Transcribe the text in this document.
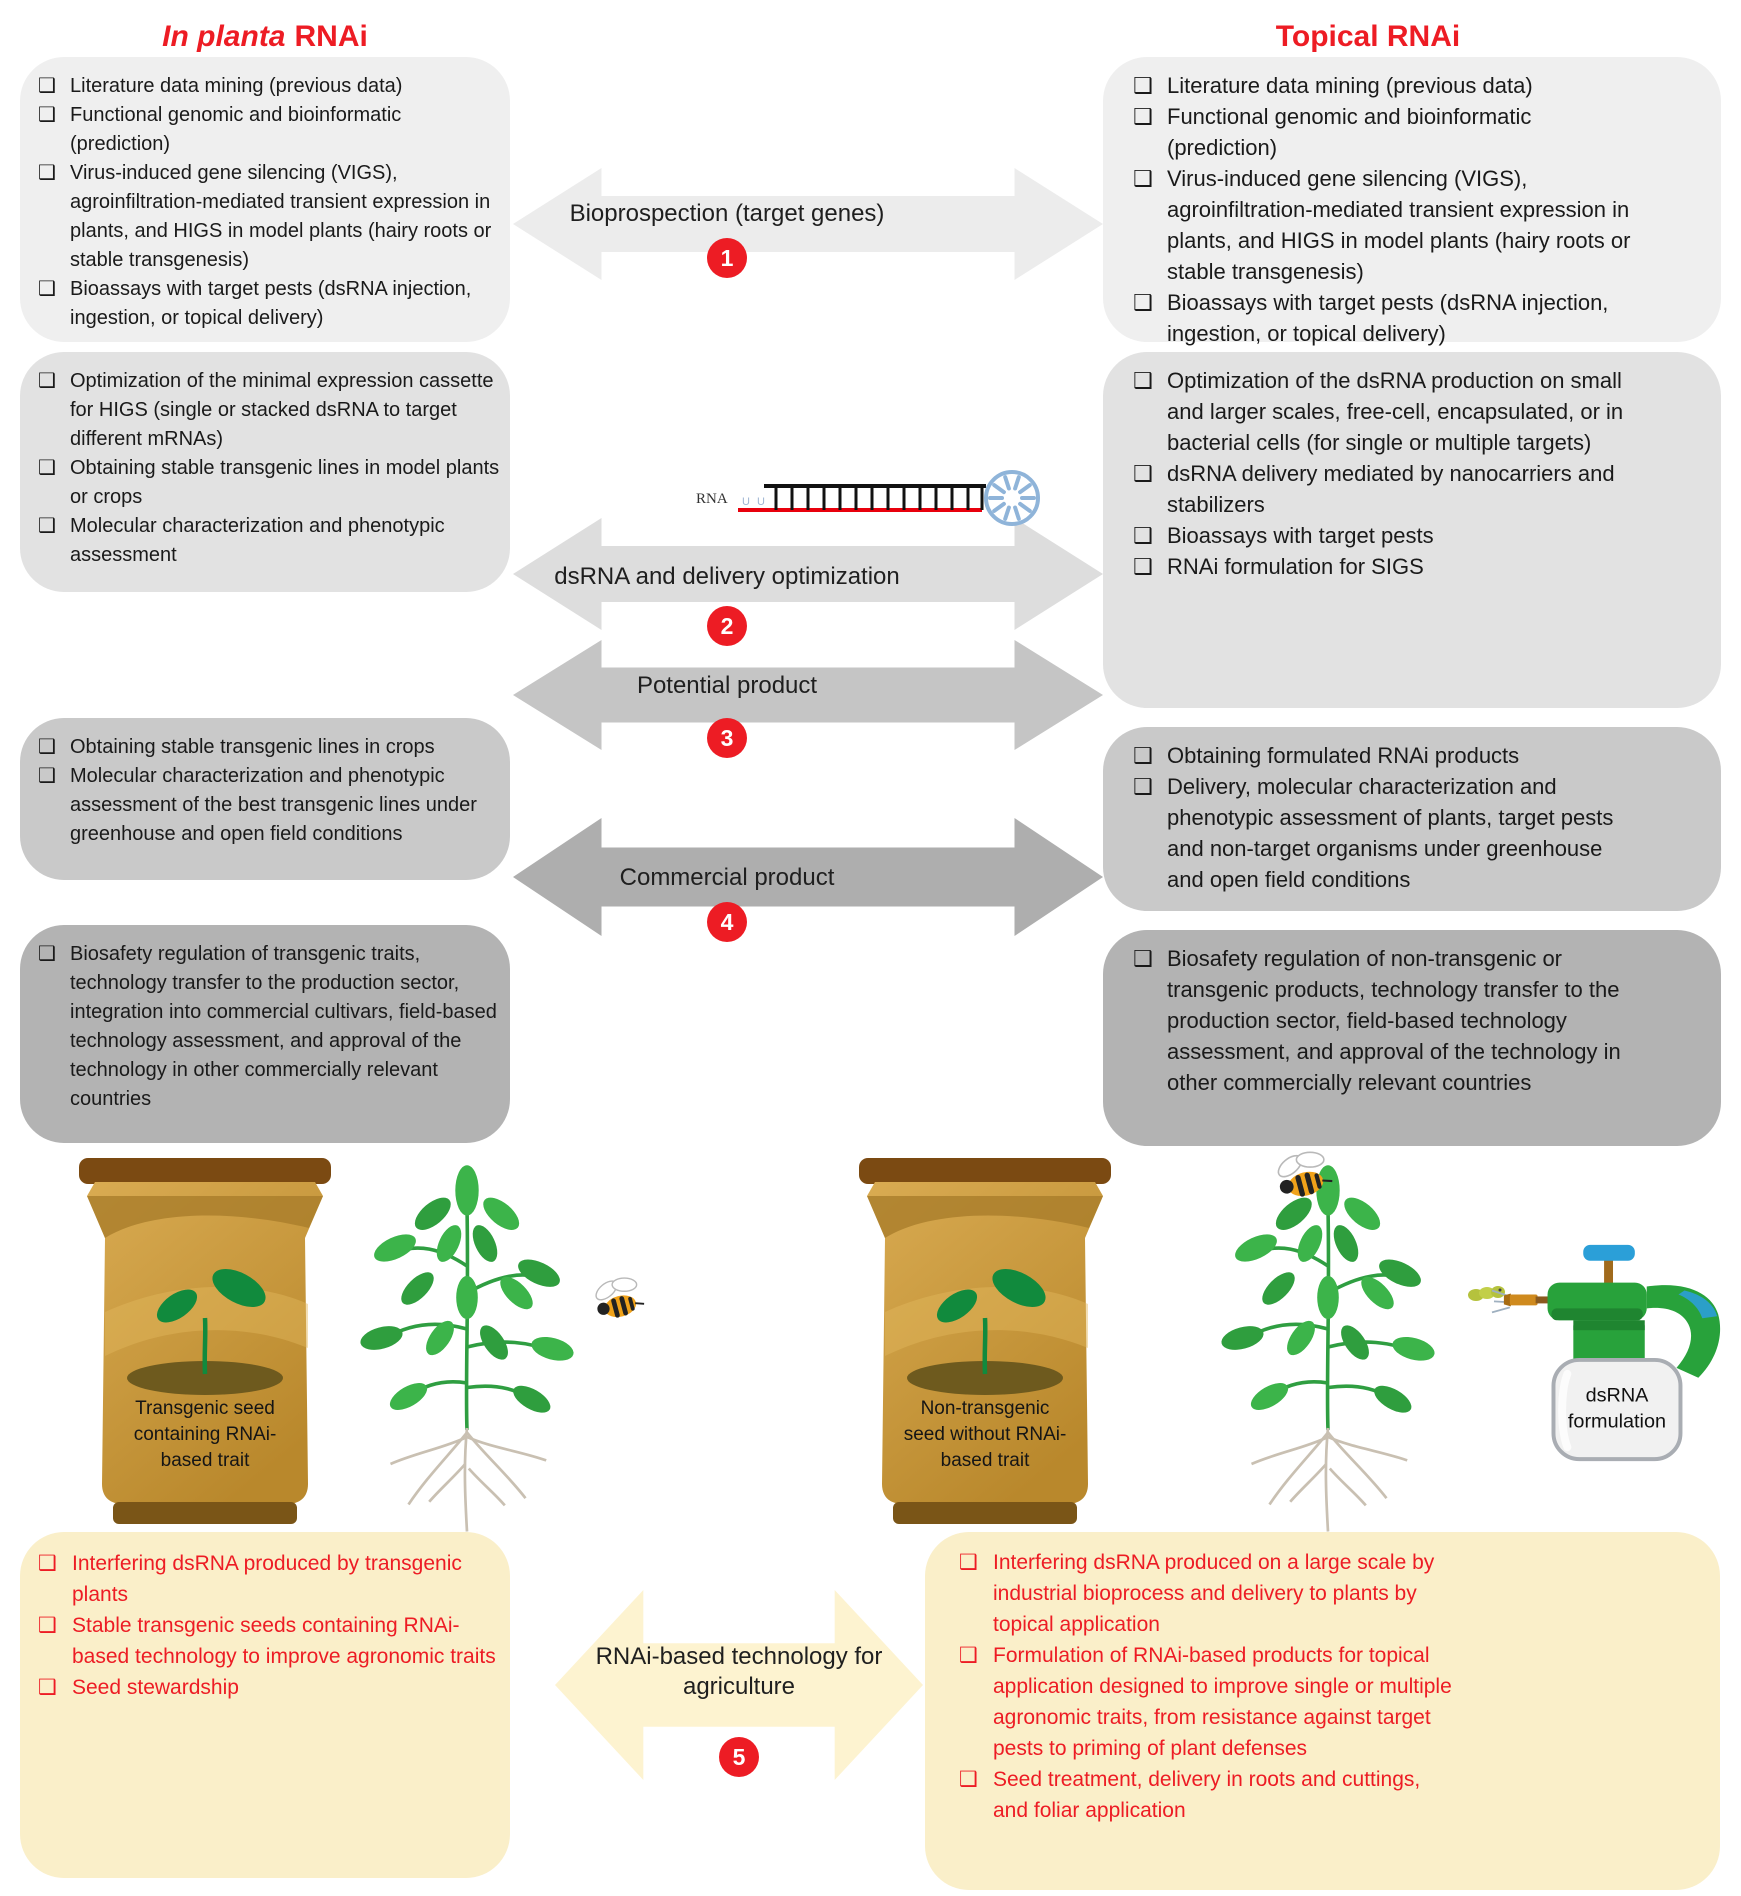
In planta RNAi	Topical RNAi
❑ Literature data mining (previous data)
❑ Functional genomic and bioinformatic (prediction)
❑ Virus-induced gene silencing (VIGS), agroinfiltration-mediated transient expression in plants, and HIGS in model plants (hairy roots or stable transgenesis)
❑ Bioassays with target pests (dsRNA injection, ingestion, or topical delivery)
❑ Literature data mining (previous data)
❑ Functional genomic and bioinformatic (prediction)
❑ Virus-induced gene silencing (VIGS), agroinfiltration-mediated transient expression in plants, and HIGS in model plants (hairy roots or stable transgenesis)
❑ Bioassays with target pests (dsRNA injection, ingestion, or topical delivery)
❑ Optimization of the minimal expression cassette for HIGS (single or stacked dsRNA to target different mRNAs)
❑ Obtaining stable transgenic lines in model plants or crops
❑ Molecular characterization and phenotypic assessment
❑ Optimization of the dsRNA production on small and larger scales, free-cell, encapsulated, or in bacterial cells (for single or multiple targets)
❑ dsRNA delivery mediated by nanocarriers and stabilizers
❑ Bioassays with target pests
❑ RNAi formulation for SIGS
❑ Obtaining stable transgenic lines in crops
❑ Molecular characterization and phenotypic assessment of the best transgenic lines under greenhouse and open field conditions
❑ Obtaining formulated RNAi products
❑ Delivery, molecular characterization and phenotypic assessment of plants, target pests and non-target organisms under greenhouse and open field conditions
❑ Biosafety regulation of transgenic traits, technology transfer to the production sector, integration into commercial cultivars, field-based technology assessment, and approval of the technology in other commercially relevant countries
❑ Biosafety regulation of non-transgenic or transgenic products, technology transfer to the production sector, field-based technology assessment, and approval of the technology in other commercially relevant countries
❑ Interfering dsRNA produced by transgenic plants
❑ Stable transgenic seeds containing RNAi-based technology to improve agronomic traits
❑ Seed stewardship
❑ Interfering dsRNA produced on a large scale by industrial bioprocess and delivery to plants by topical application
❑ Formulation of RNAi-based products for topical application designed to improve single or multiple agronomic traits, from resistance against target pests to priming of plant defenses
❑ Seed treatment, delivery in roots and cuttings, and foliar application
Bioprospection (target genes)
1
dsRNA and delivery optimization
2
Potential product
3
Commercial product
4
RNAi-based technology for agriculture
5
RNA U U
Transgenic seed
containing RNAi-
based trait
Non-transgenic
seed without RNAi-
based trait
dsRNA
formulation
